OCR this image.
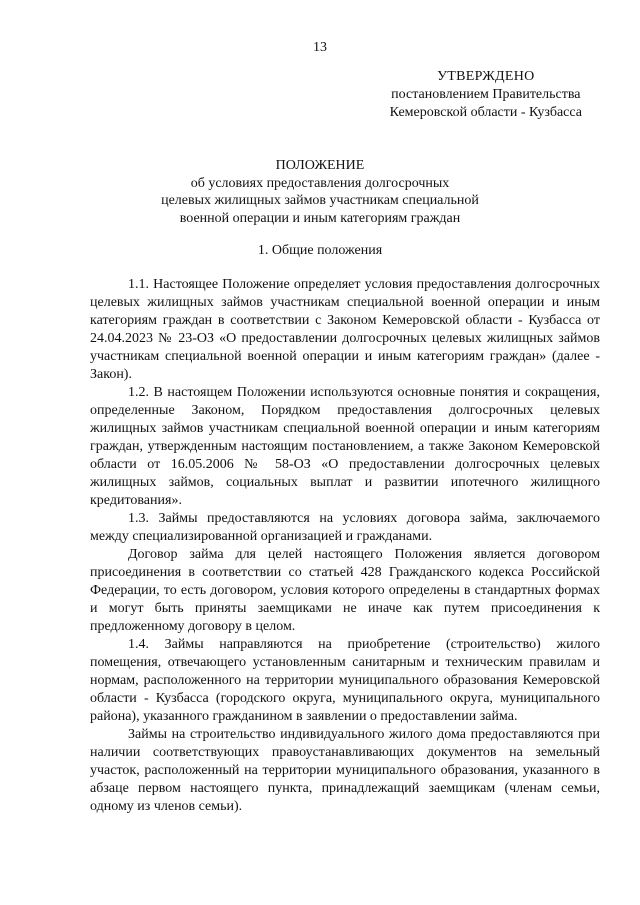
13
УТВЕРЖДЕНО
постановлением Правительства
Кемеровской области - Кузбасса
ПОЛОЖЕНИЕ
об условиях предоставления долгосрочных
целевых жилищных займов участникам специальной
военной операции и иным категориям граждан
1. Общие положения

1.1. Настоящее Положение определяет условия предоставления долгосрочных целевых жилищных займов участникам специальной военной операции и иным категориям граждан в соответствии с Законом Кемеровской области - Кузбасса от 24.04.2023 № 23-ОЗ «О предоставлении долгосрочных целевых жилищных займов участникам специальной военной операции и иным категориям граждан» (далее - Закон).

1.2. В настоящем Положении используются основные понятия и сокращения, определенные Законом, Порядком предоставления долгосрочных целевых жилищных займов участникам специальной военной операции и иным категориям граждан, утвержденным настоящим постановлением, а также Законом Кемеровской области от 16.05.2006 № 58-ОЗ «О предоставлении долгосрочных целевых жилищных займов, социальных выплат и развитии ипотечного жилищного кредитования».

1.3. Займы предоставляются на условиях договора займа, заключаемого между специализированной организацией и гражданами.

Договор займа для целей настоящего Положения является договором присоединения в соответствии со статьей 428 Гражданского кодекса Российской Федерации, то есть договором, условия которого определены в стандартных формах и могут быть приняты заемщиками не иначе как путем присоединения к предложенному договору в целом.

1.4. Займы направляются на приобретение (строительство) жилого помещения, отвечающего установленным санитарным и техническим правилам и нормам, расположенного на территории муниципального образования Кемеровской области - Кузбасса (городского округа, муниципального округа, муниципального района), указанного гражданином в заявлении о предоставлении займа.

Займы на строительство индивидуального жилого дома предоставляются при наличии соответствующих правоустанавливающих документов на земельный участок, расположенный на территории муниципального образования, указанного в абзаце первом настоящего пункта, принадлежащий заемщикам (членам семьи, одному из членов семьи).
